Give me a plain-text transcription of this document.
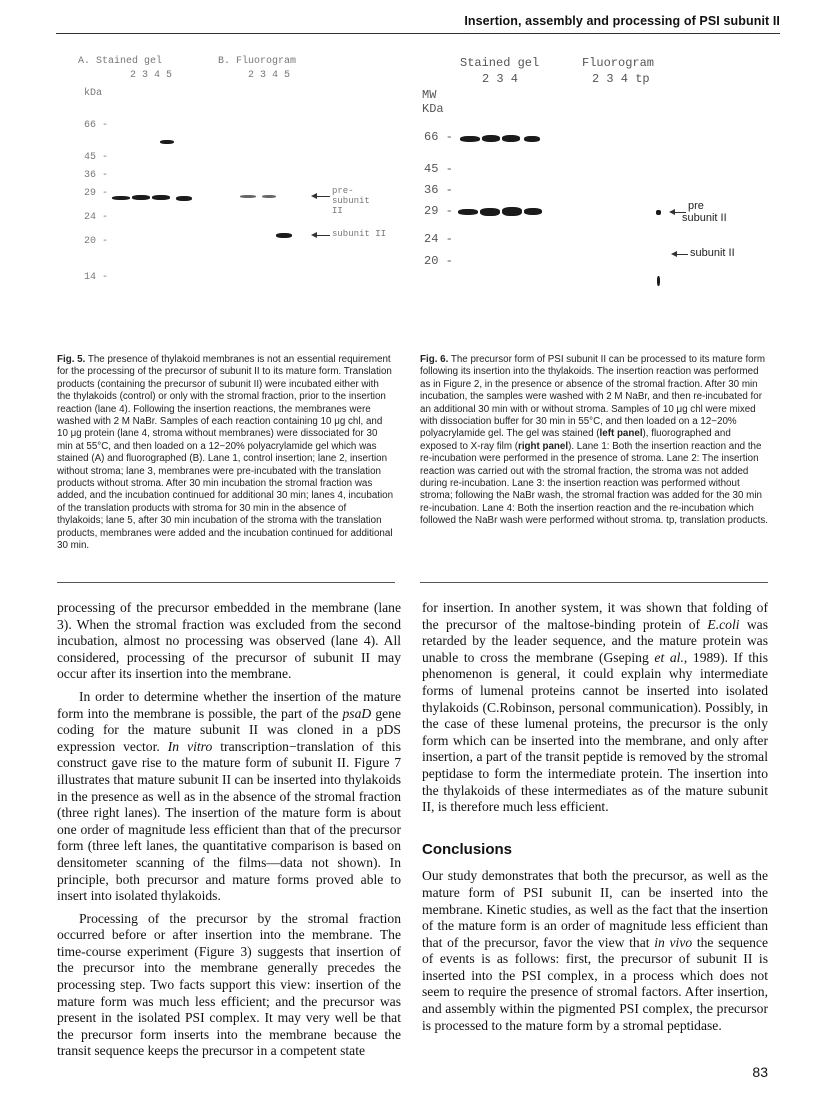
Insertion, assembly and processing of PSI subunit II
A. Stained gel	B. Fluorogram
2 3 4 5	2 3 4 5
kDa
66 -
45 -
36 -
29 -
24 -
20 -
14 -
pre-subunit II
subunit II
Stained gel	Fluorogram
2 3 4	2 3 4 tp
MW
KDa
66 -
45 -
36 -
29 -
24 -
20 -
pre
subunit II
subunit II

Fig. 5. The presence of thylakoid membranes is not an essential requirement for the processing of the precursor of subunit II to its mature form. Translation products (containing the precursor of subunit II) were incubated either with the thylakoids (control) or only with the stromal fraction, prior to the insertion reaction (lane 4). Following the insertion reactions, the membranes were washed with 2 M NaBr. Samples of each reaction containing 10 μg chl, and 10 μg protein (lane 4, stroma without membranes) were dissociated for 30 min at 55°C, and then loaded on a 12−20% polyacrylamide gel which was stained (A) and fluorographed (B). Lane 1, control insertion; lane 2, insertion without stroma; lane 3, membranes were pre-incubated with the translation products without stroma. After 30 min incubation the stromal fraction was added, and the incubation continued for additional 30 min; lanes 4, incubation of the translation products with stroma for 30 min in the absence of thylakoids; lane 5, after 30 min incubation of the stroma with the translation products, membranes were added and the incubation continued for additional 30 min.

Fig. 6. The precursor form of PSI subunit II can be processed to its mature form following its insertion into the thylakoids. The insertion reaction was performed as in Figure 2, in the presence or absence of the stromal fraction. After 30 min incubation, the samples were washed with 2 M NaBr, and then re-incubated for an additional 30 min with or without stroma. Samples of 10 μg chl were mixed with dissociation buffer for 30 min in 55°C, and then loaded on a 12−20% polyacrylamide gel. The gel was stained (left panel), fluorographed and exposed to X-ray film (right panel). Lane 1: Both the insertion reaction and the re-incubation were performed in the presence of stroma. Lane 2: The insertion reaction was carried out with the stromal fraction, the stroma was not added during re-incubation. Lane 3: the insertion reaction was performed without stroma; following the NaBr wash, the stromal fraction was added for the 30 min re-incubation. Lane 4: Both the insertion reaction and the re-incubation which followed the NaBr wash were performed without stroma. tp, translation products.

processing of the precursor embedded in the membrane (lane 3). When the stromal fraction was excluded from the second incubation, almost no processing was observed (lane 4). All considered, processing of the precursor of subunit II may occur after its insertion into the membrane.

In order to determine whether the insertion of the mature form into the membrane is possible, the part of the psaD gene coding for the mature subunit II was cloned in a pDS expression vector. In vitro transcription−translation of this construct gave rise to the mature form of subunit II. Figure 7 illustrates that mature subunit II can be inserted into thylakoids in the presence as well as in the absence of the stromal fraction (three right lanes). The insertion of the mature form is about one order of magnitude less efficient than that of the precursor form (three left lanes, the quantitative comparison is based on densitometer scanning of the films—data not shown). In principle, both precursor and mature forms proved able to insert into isolated thylakoids.

Processing of the precursor by the stromal fraction occurred before or after insertion into the membrane. The time-course experiment (Figure 3) suggests that insertion of the precursor into the membrane generally precedes the processing step. Two facts support this view: insertion of the mature form was much less efficient; and the precursor was present in the isolated PSI complex. It may very well be that the precursor form inserts into the membrane because the transit sequence keeps the precursor in a competent state

for insertion. In another system, it was shown that folding of the precursor of the maltose-binding protein of E.coli was retarded by the leader sequence, and the mature protein was unable to cross the membrane (Gseping et al., 1989). If this phenomenon is general, it could explain why intermediate forms of lumenal proteins cannot be inserted into isolated thylakoids (C.Robinson, personal communication). Possibly, in the case of these lumenal proteins, the precursor is the only form which can be inserted into the membrane, and only after insertion, a part of the transit peptide is removed by the stromal peptidase to form the intermediate protein. The insertion into the thylakoids of these intermediates as of the mature subunit II, is therefore much less efficient.

Conclusions

Our study demonstrates that both the precursor, as well as the mature form of PSI subunit II, can be inserted into the membrane. Kinetic studies, as well as the fact that the insertion of the mature form is an order of magnitude less efficient than that of the precursor, favor the view that in vivo the sequence of events is as follows: first, the precursor of subunit II is inserted into the PSI complex, in a process which does not seem to require the presence of stromal factors. After insertion, and assembly within the pigmented PSI complex, the precursor is processed to the mature form by a stromal peptidase.

83
